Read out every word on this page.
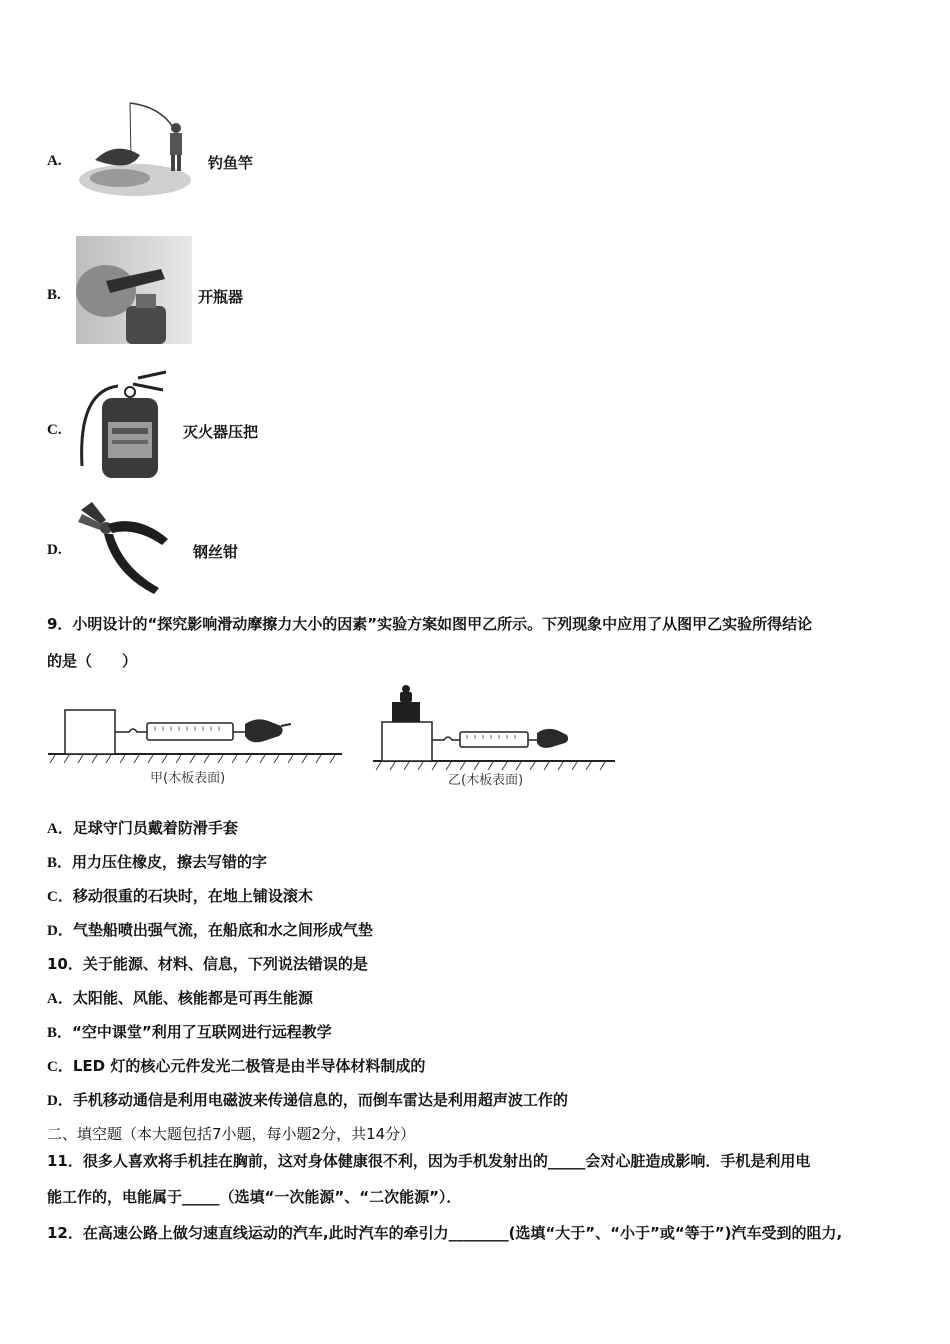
A.	钓鱼竿
B.	开瓶器
C.	灭火器压把
D.	钢丝钳
9．小明设计的“探究影响滑动摩擦力大小的因素”实验方案如图甲乙所示。下列现象中应用了从图甲乙实验所得结论
的是（　　）
甲(木板表面)	乙(木板表面)
A．足球守门员戴着防滑手套
B．用力压住橡皮，擦去写错的字
C．移动很重的石块时，在地上铺设滚木
D．气垫船喷出强气流，在船底和水之间形成气垫
10．关于能源、材料、信息，下列说法错误的是
A．太阳能、风能、核能都是可再生能源
B．“空中课堂”利用了互联网进行远程教学
C．LED 灯的核心元件发光二极管是由半导体材料制成的
D．手机移动通信是利用电磁波来传递信息的，而倒车雷达是利用超声波工作的
二、填空题（本大题包括7小题，每小题2分，共14分）
11．很多人喜欢将手机挂在胸前，这对身体健康很不利，因为手机发射出的_____会对心脏造成影响．手机是利用电
能工作的，电能属于_____（选填“一次能源”、“二次能源”）．
12．在高速公路上做匀速直线运动的汽车,此时汽车的牵引力________(选填“大于”、“小于”或“等于”)汽车受到的阻力,
